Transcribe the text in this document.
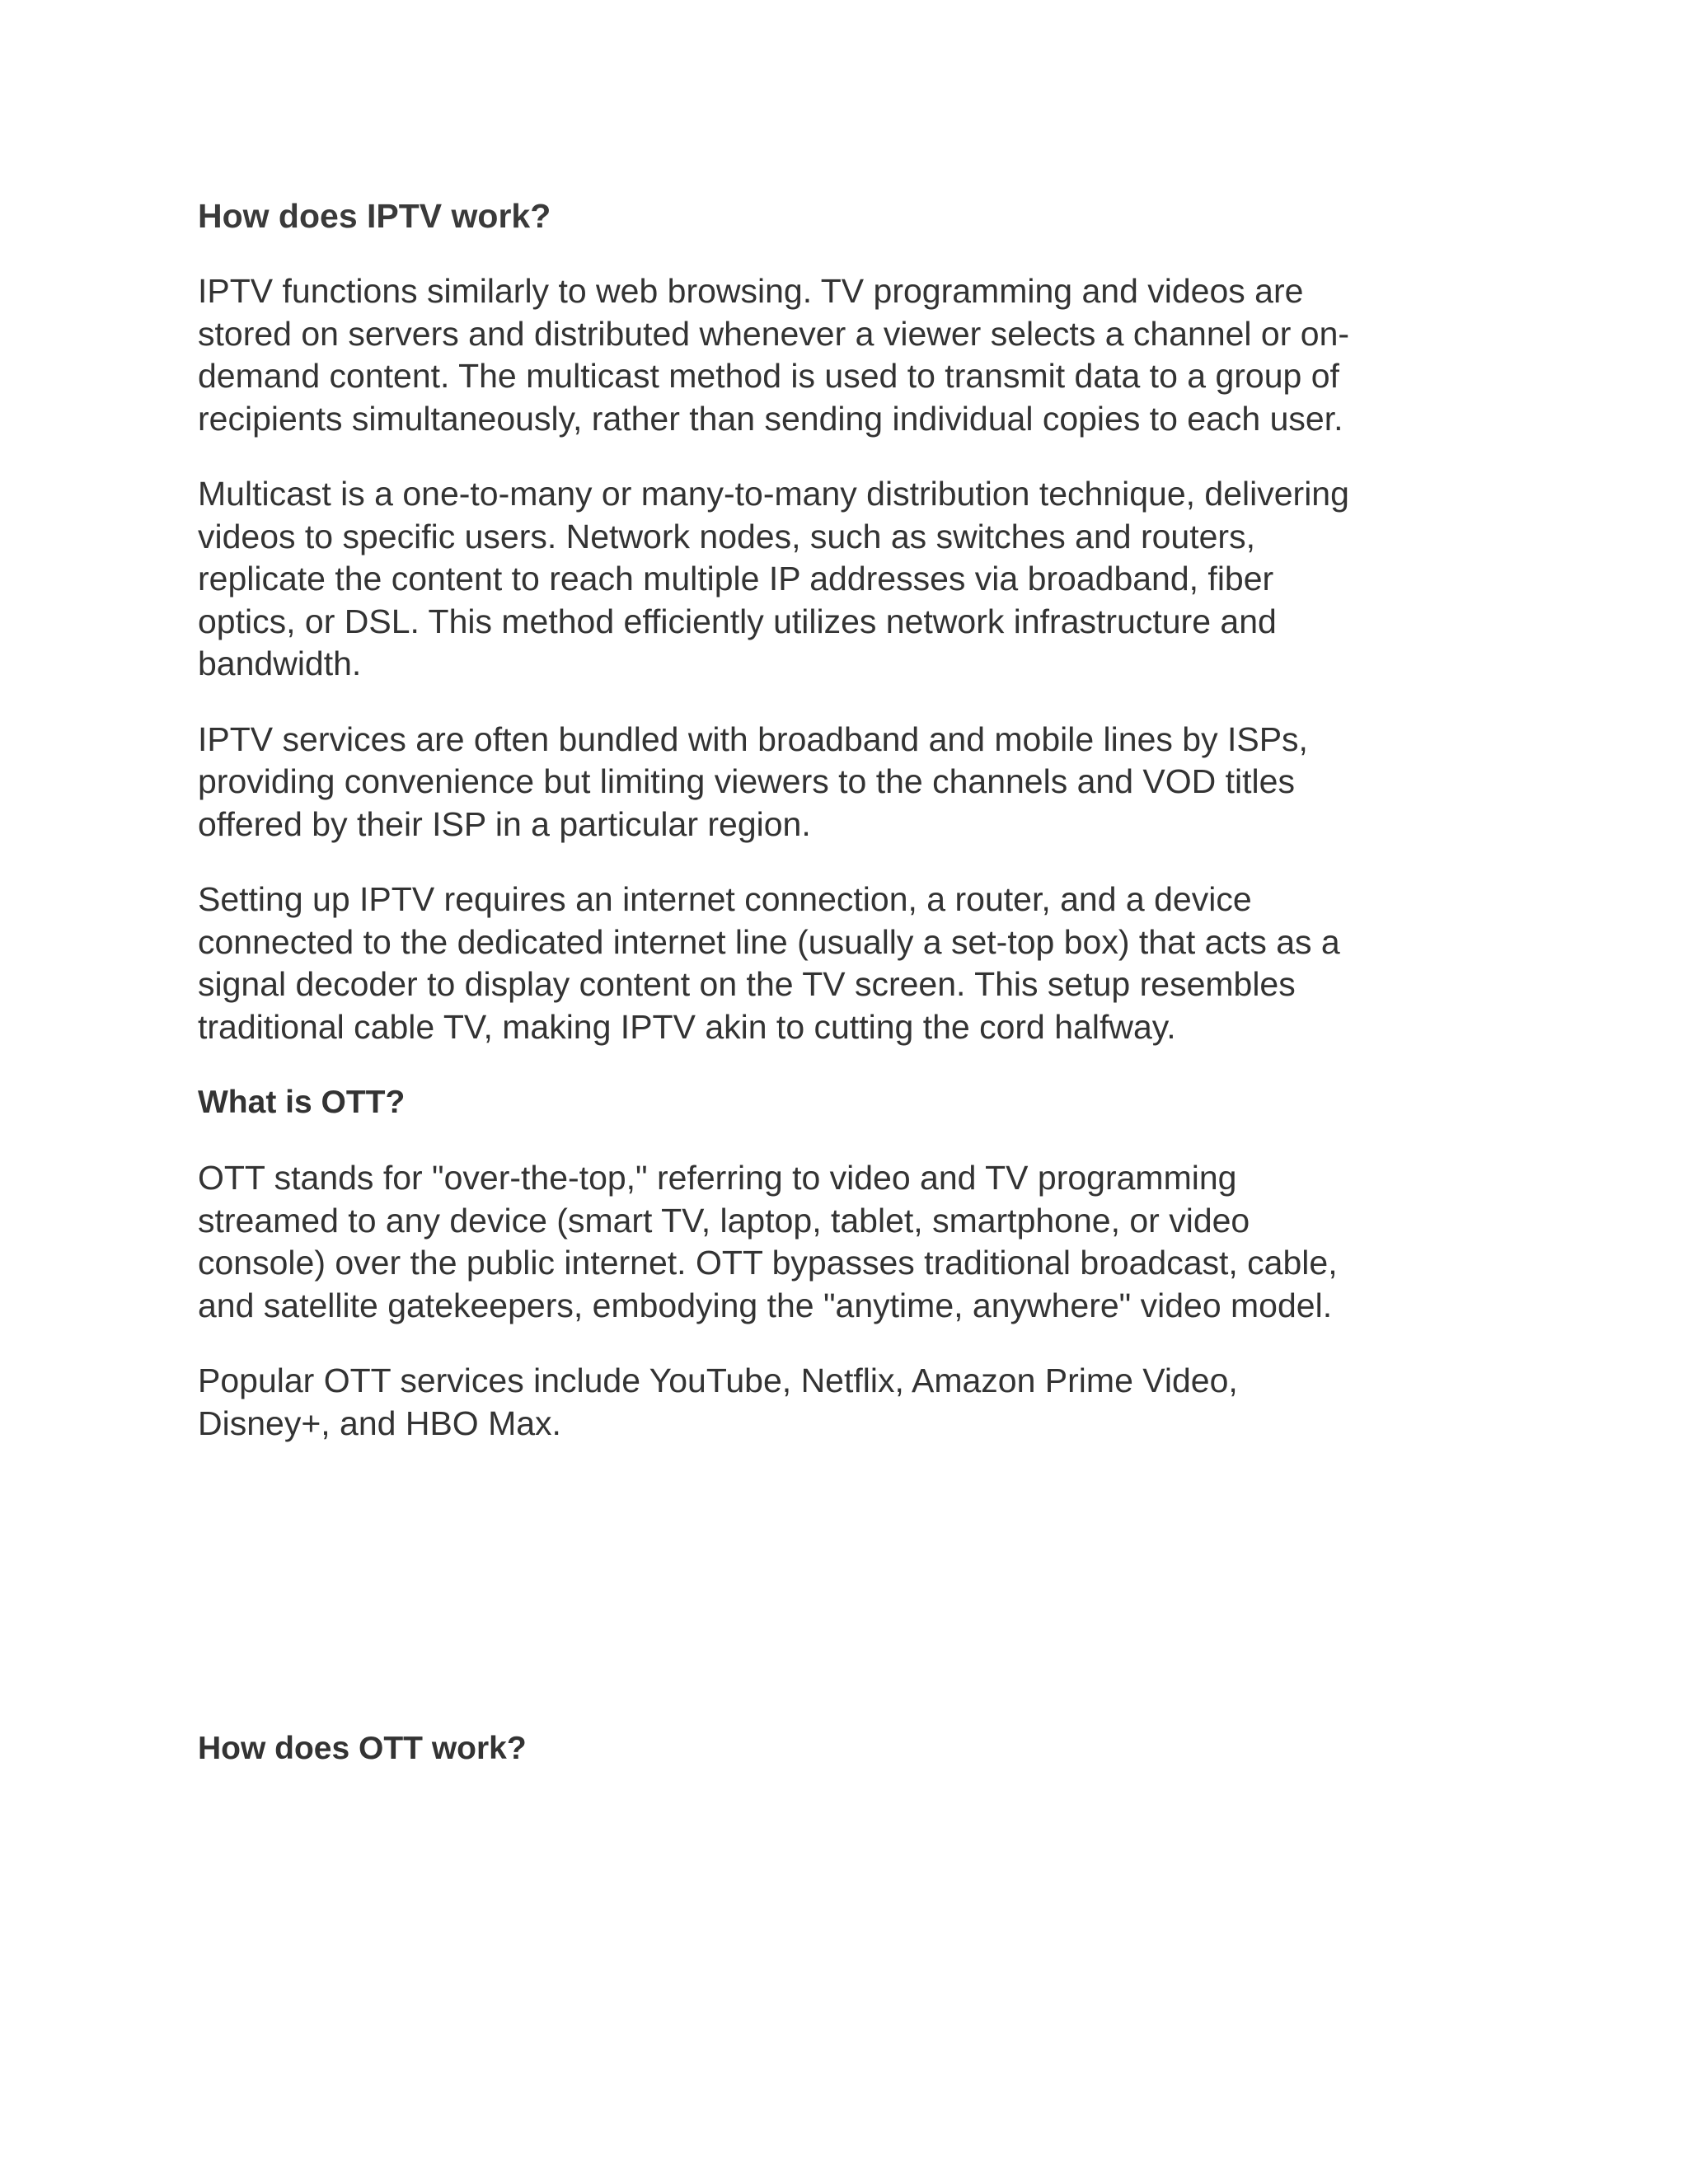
How does IPTV work?

IPTV functions similarly to web browsing. TV programming and videos are
stored on servers and distributed whenever a viewer selects a channel or on-
demand content. The multicast method is used to transmit data to a group of
recipients simultaneously, rather than sending individual copies to each user.

Multicast is a one-to-many or many-to-many distribution technique, delivering
videos to specific users. Network nodes, such as switches and routers,
replicate the content to reach multiple IP addresses via broadband, fiber
optics, or DSL. This method efficiently utilizes network infrastructure and
bandwidth.

IPTV services are often bundled with broadband and mobile lines by ISPs,
providing convenience but limiting viewers to the channels and VOD titles
offered by their ISP in a particular region.

Setting up IPTV requires an internet connection, a router, and a device
connected to the dedicated internet line (usually a set-top box) that acts as a
signal decoder to display content on the TV screen. This setup resembles
traditional cable TV, making IPTV akin to cutting the cord halfway.

What is OTT?

OTT stands for "over-the-top," referring to video and TV programming
streamed to any device (smart TV, laptop, tablet, smartphone, or video
console) over the public internet. OTT bypasses traditional broadcast, cable,
and satellite gatekeepers, embodying the "anytime, anywhere" video model.

Popular OTT services include YouTube, Netflix, Amazon Prime Video,
Disney+, and HBO Max.

How does OTT work?
